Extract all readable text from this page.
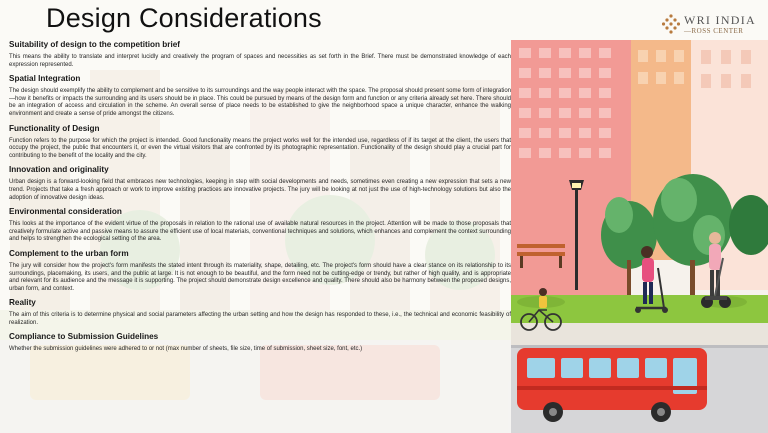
Design Considerations	WRI INDIA
—ROSS CENTER
Suitability of design to the competition brief

This means the ability to translate and interpret lucidly and creatively the program of spaces and necessities as set forth in the Brief. There must be demonstrated knowledge of each expression represented.

Spatial Integration

The design should exemplify the ability to complement and be sensitive to its surroundings and the way people interact with the space. The proposal should present some form of integration—how it benefits or impacts the surrounding and its users should be in place. This could be pursued by means of the design form and function or any criteria already set here. There should be an integration of access and circulation in the scheme. An overall sense of place needs to be established to give the neighborhood space a unique character, enhance the walking environment and create a sense of pride amongst the citizens.

Functionality of Design

Function refers to the purpose for which the project is intended. Good functionality means the project works well for the intended use, regardless of if its target at the client, the users that occupy the project, the public that encounters it, or even the virtual visitors that are confronted by its photographic representation. Functionality of the design should play a crucial part for contributing to the benefit of the locality and the city.

Innovation and originality

Urban design is a forward-looking field that embraces new technologies, keeping in step with social developments and needs, sometimes even creating a new expression that sets a new trend. Projects that take a fresh approach or work to improve existing practices are innovative projects. The jury will be looking at not just the use of high-technology solutions but also the adoption of innovative design ideas.

Environmental consideration

This looks at the importance of the evident virtue of the proposals in relation to the rational use of available natural resources in the project. Attention will be made to those proposals that creatively formulate active and passive means to assure the efficient use of local materials, conventional techniques and solutions, which enhances and complement the context surrounding and helps to strengthen the ecological setting of the area.

Complement to the urban form

The jury will consider how the project's form manifests the stated intent through its materiality, shape, detailing, etc. The project's form should have a clear stance on its relationship to its surroundings, placemaking, its users, and the public at large. It is not enough to be beautiful, and the form need not be cutting-edge or trendy, but rather of high quality, and is appropriate and relevant for its audience and the message it is supporting. The project should demonstrate design excellence and quality. There should also be harmony between the proposed designs, urban form, and context.

Reality

The aim of this criteria is to determine physical and social parameters affecting the urban setting and how the design has responded to these, i.e., the technical and economic feasibility of realization.

Compliance to Submission Guidelines

Whether the submission guidelines were adhered to or not (max number of sheets, file size, time of submission, sheet size, font, etc.)
